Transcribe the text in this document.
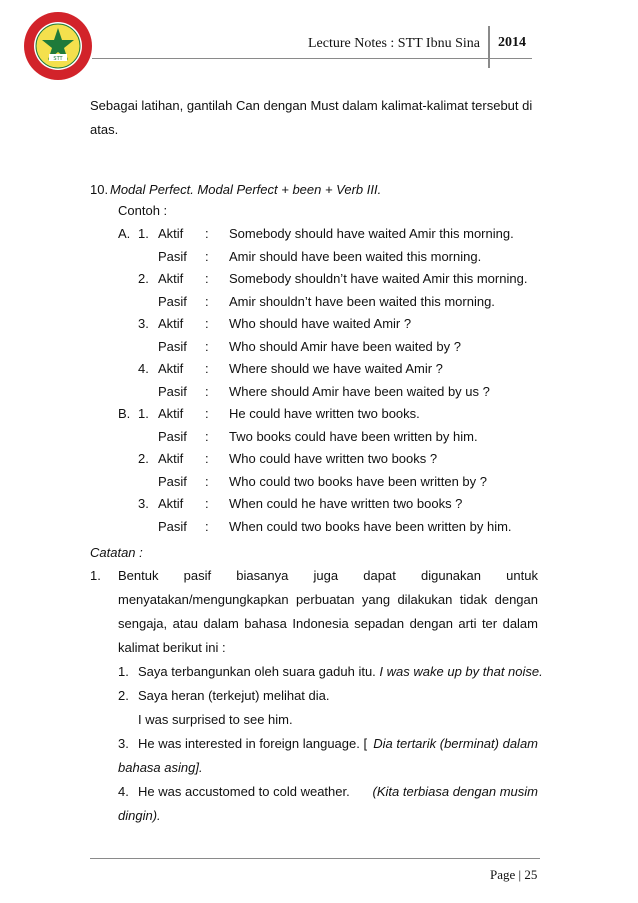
STT
Lecture Notes : STT Ibnu Sina 2014
Sebagai latihan, gantilah Can dengan Must dalam kalimat-kalimat tersebut di
atas.
10. Modal Perfect. Modal Perfect + been + Verb III.
Contoh :
A. 1. Aktif : Somebody should have waited Amir this morning.
Pasif : Amir should have been waited this morning.
2. Aktif : Somebody shouldn’t have waited Amir this morning.
Pasif : Amir shouldn’t have been waited this morning.
3. Aktif : Who should have waited Amir ?
Pasif : Who should Amir have been waited by ?
4. Aktif : Where should we have waited Amir ?
Pasif : Where should Amir have been waited by us ?
B. 1. Aktif : He could have written two books.
Pasif : Two books could have been written by him.
2. Aktif : Who could have written two books ?
Pasif : Who could two books have been written by ?
3. Aktif : When could he have written two books ?
Pasif : When could two books have been written by him.
Catatan :
1. Bentuk pasif biasanya juga dapat digunakan untuk
menyatakan/mengungkapkan perbuatan yang dilakukan tidak dengan
sengaja, atau dalam bahasa Indonesia sepadan dengan arti ter dalam
kalimat berikut ini :
1. Saya terbangunkan oleh suara gaduh itu. I was wake up by that noise.
2. Saya heran (terkejut) melihat dia.
I was surprised to see him.
3. He was interested in foreign language. [ Dia tertarik (berminat) dalam
bahasa asing].
4. He was accustomed to cold weather. (Kita terbiasa dengan musim
dingin).
Page | 25
